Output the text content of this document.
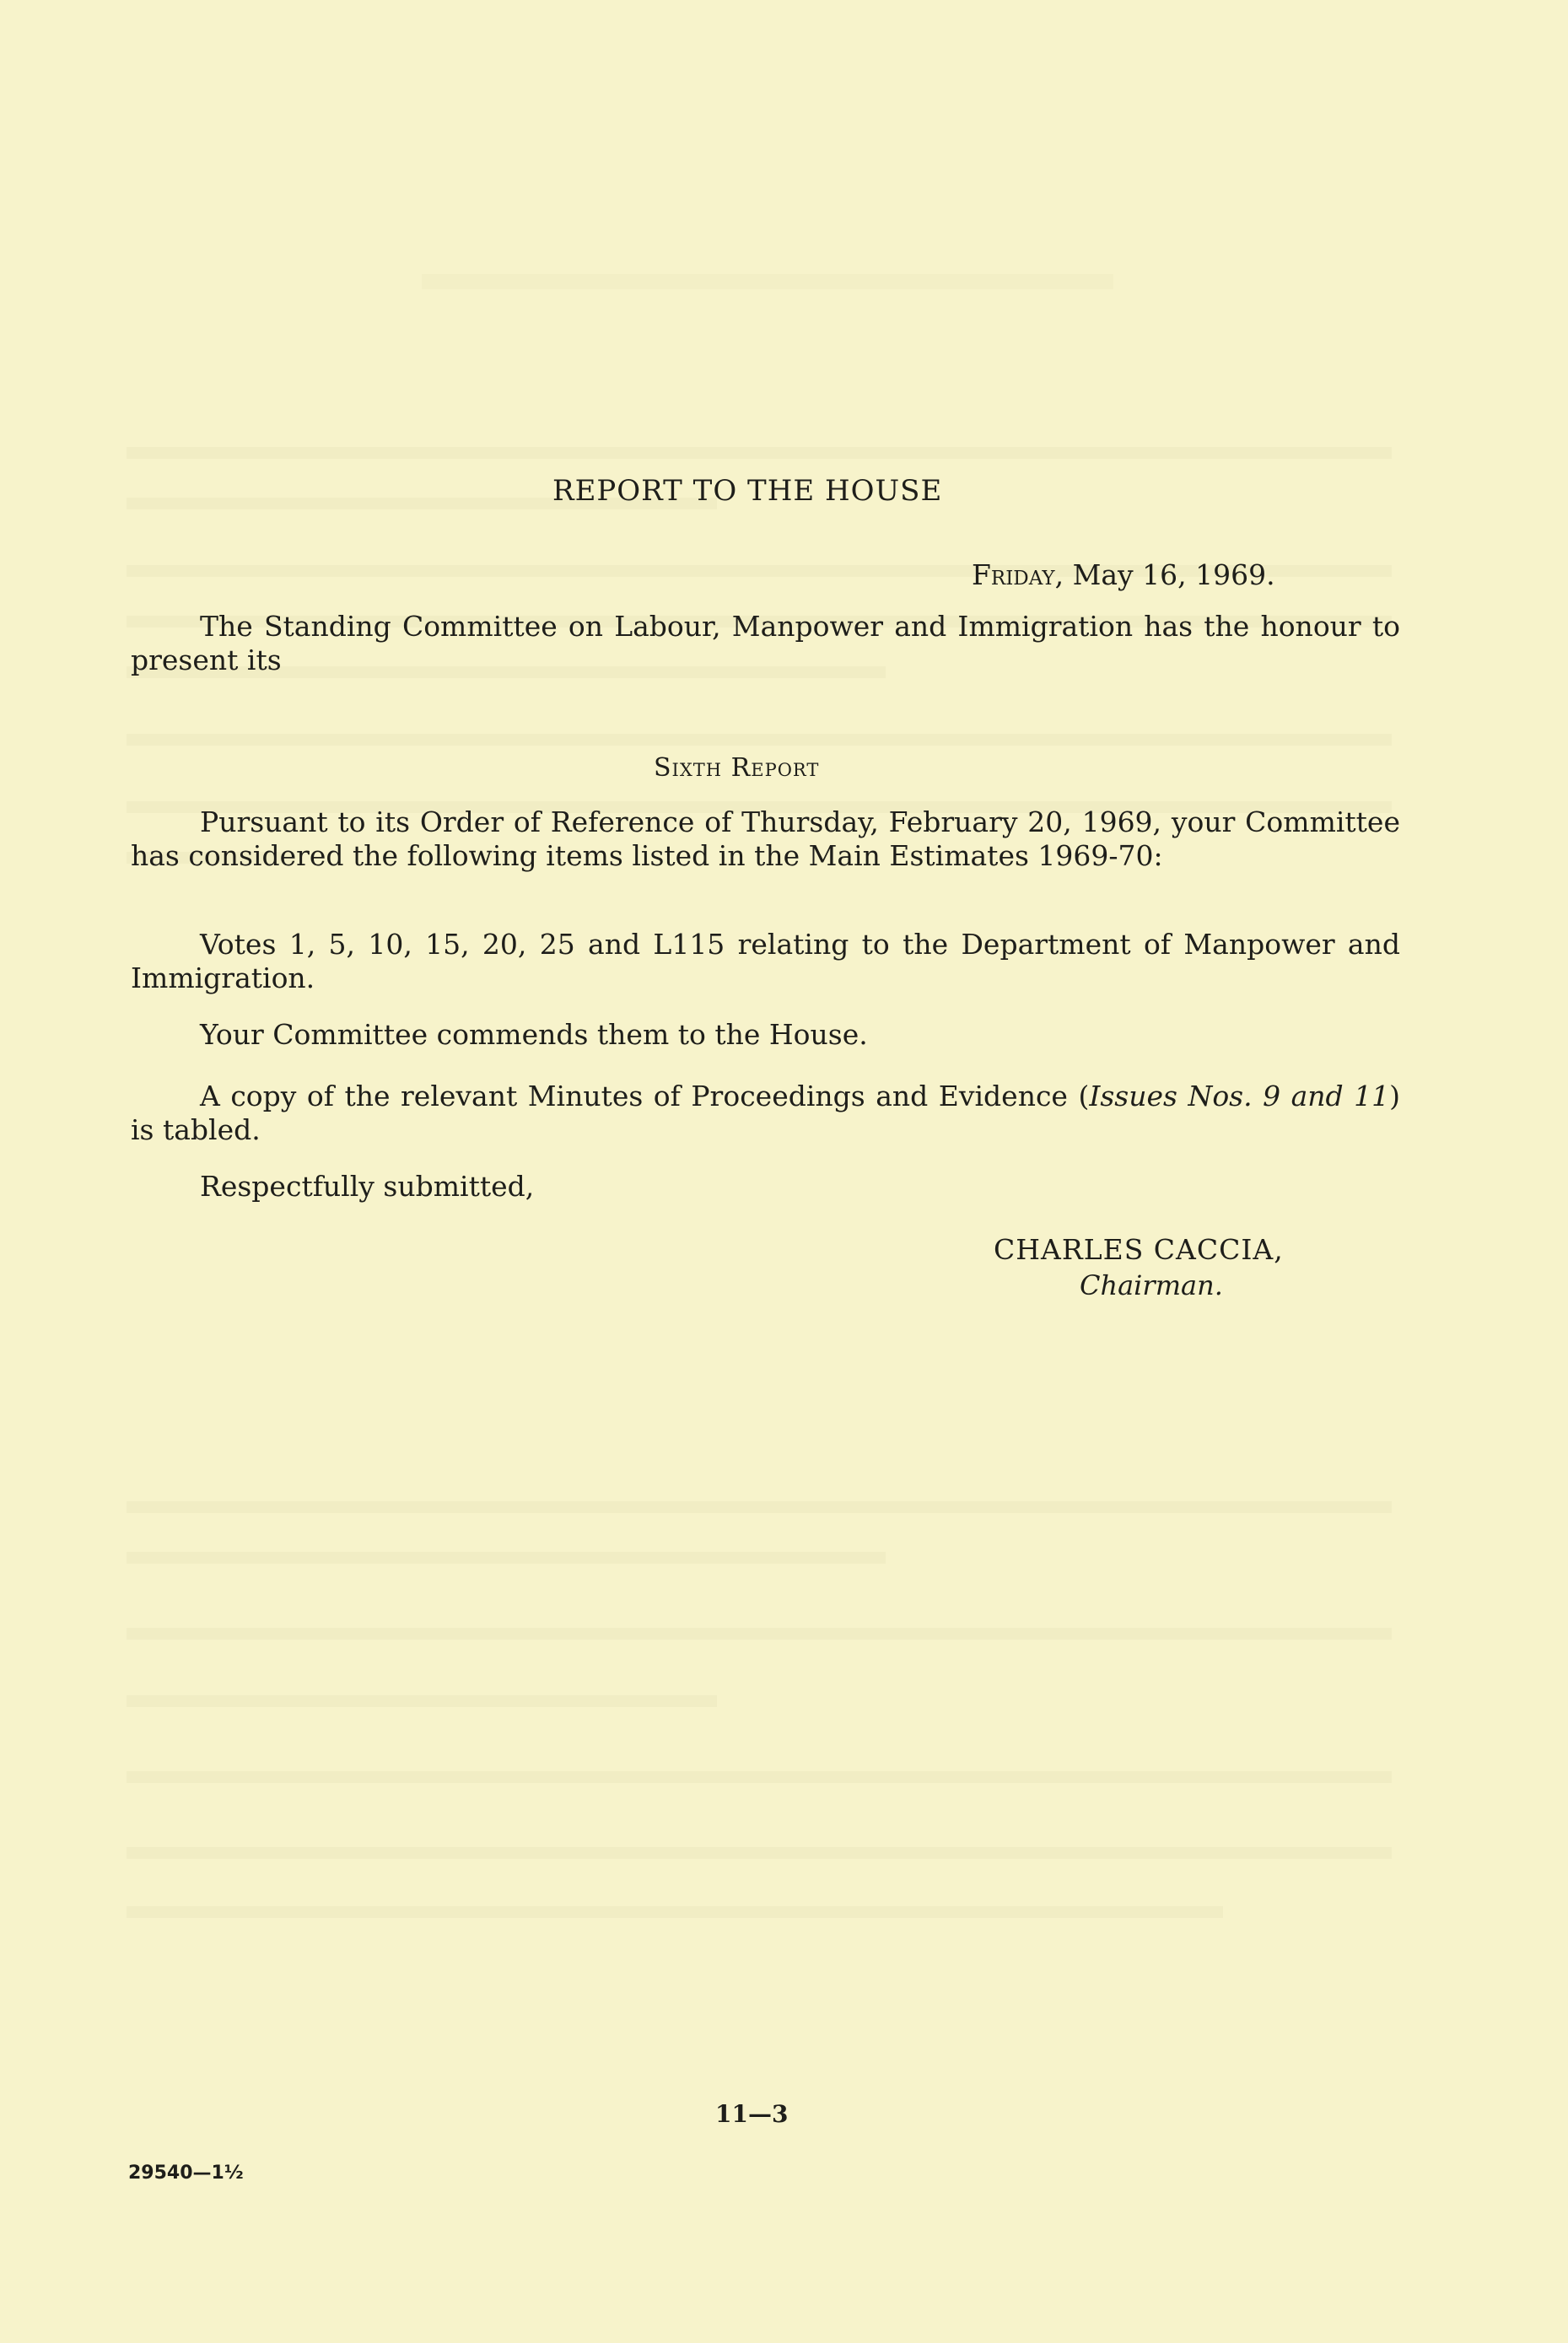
REPORT TO THE HOUSE
Friday, May 16, 1969.
The Standing Committee on Labour, Manpower and Immigration has the honour to present its
Sixth Report
Pursuant to its Order of Reference of Thursday, February 20, 1969, your Committee has considered the following items listed in the Main Estimates 1969-70:
Votes 1, 5, 10, 15, 20, 25 and L115 relating to the Department of Manpower and Immigration.
Your Committee commends them to the House.
A copy of the relevant Minutes of Proceedings and Evidence (Issues Nos. 9 and 11) is tabled.
Respectfully submitted,
CHARLES CACCIA,
Chairman.
11—3
29540—1½
